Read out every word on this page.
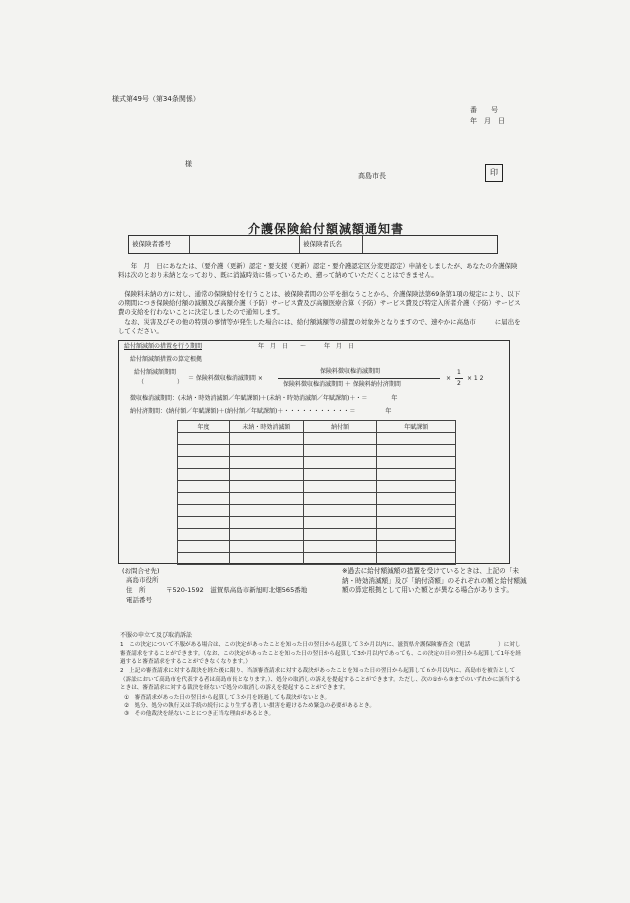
様式第49号（第34条関係）
番　　号
年　月　日
様
高島市長	印
介護保険給付額減額通知書
被保険者番号	被保険者氏名
　　年　月　日にあなたは、（要介護（更新）認定・要支援（更新）認定・要介護認定区分変更認定）申請をしましたが、あなたの介護保険料は次のとおり未納となっており、既に消滅時効に係っているため、遡って納めていただくことはできません。
　保険料未納の方に対し、通常の保険給付を行うことは、被保険者間の公平を損なうことから、介護保険法第69条第1項の規定により、以下の期間につき保険給付額の減額及び高額介護（予防）サービス費及び高額医療合算（予防）サービス費及び特定入所者介護（予防）サービス費の支給を行わないことに決定しましたので通知します。
　なお、災害及びその他の特別の事情等が発生した場合には、給付額減額等の措置の対象外となりますので、速やかに高島市　　　に届出をしてください。
給付額減額の措置を行う期間	年　月　日　　〜　　　年　月　日
給付額減額措置の算定根拠
給付額減額期間
（	）
＝ 保険料徴収権消滅期間 ×
保険料徴収権消滅期間
保険料徴収権消滅期間 ＋ 保険料納付済期間
×
1
2
× 1 2
徴収権消滅期間：(未納・時効消滅額／年賦課額)＋(未納・時効消滅額／年賦課額)＋・＝　　　　年
納付済期間：(納付額／年賦課額)＋(納付額／年賦課額)＋・・・・・・・・・・・＝　　　　　年
年度	未納・時効消滅額	納付額	年賦課額

(お問合せ先)
高島市役所
住　所	〒520-1592　滋賀県高島市新旭町北畑565番地
電話番号
※過去に給付額減額の措置を受けているときは、上記の「未納・時効消滅額」及び「納付済額」のそれぞれの額と給付額減額の算定根拠として用いた額とが異なる場合があります。
不服の申立て及び取消訴訟
1　この決定について不服がある場合は、この決定があったことを知った日の翌日から起算して３か月以内に、滋賀県介護保険審査会（電話　　　　　）に対し審査請求をすることができます。（なお、この決定があったことを知った日の翌日から起算して3か月以内であっても、この決定の日の翌日から起算して1年を経過すると審査請求をすることができなくなります。）
2　上記の審査請求に対する裁決を経た後に限り、当該審査請求に対する裁決があったことを知った日の翌日から起算して６か月以内に、高島市を被告として（訴訟において高島市を代表する者は高島市長となります。）、処分の取消しの訴えを提起することができます。ただし、次の①から③までのいずれかに該当するときは、審査請求に対する裁決を経ないで処分の取消しの訴えを提起することができます。
①　審査請求があった日の翌日から起算して３か月を経過しても裁決がないとき。
②　処分、処分の執行又は手続の続行により生ずる著しい損害を避けるため緊急の必要があるとき。
③　その他裁決を経ないことにつき正当な理由があるとき。
